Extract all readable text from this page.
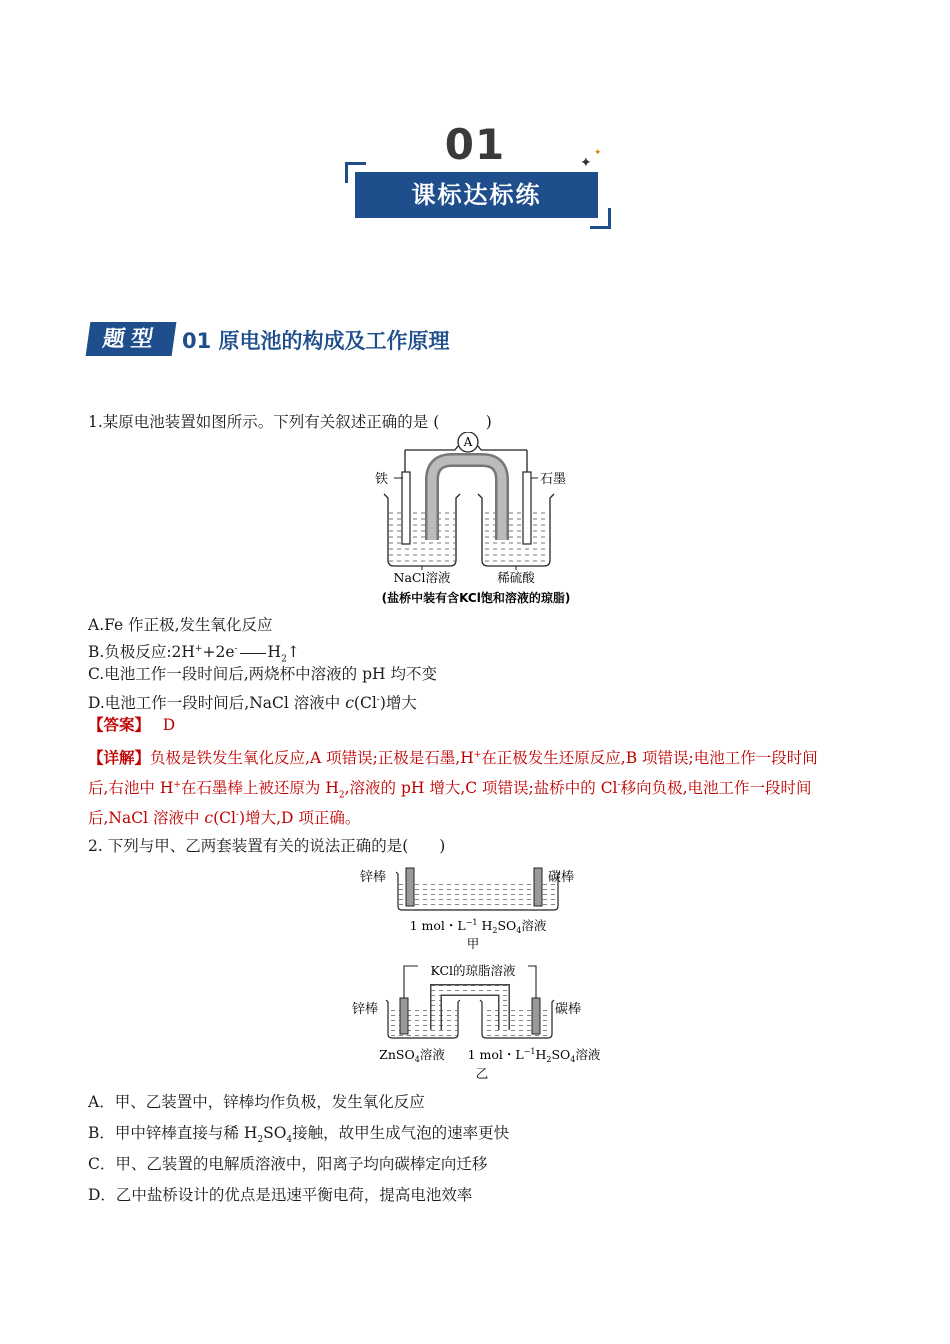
01	✦
✦
课标达标练
题型	01 原电池的构成及工作原理
1.某原电池装置如图所示。下列有关叙述正确的是 (　　　)
A
铁	石墨
NaCl溶液	稀硫酸
(盐桥中装有含KCl饱和溶液的琼脂)
A.Fe 作正极,发生氧化反应
B.负极反应:2H++2e- $H_2↑$
C.电池工作一段时间后,两烧杯中溶液的 pH 均不变
D.电池工作一段时间后,NaCl 溶液中 c(Cl-)增大
【答案】　 D
【详解】负极是铁发生氧化反应,A 项错误;正极是石墨,H+在正极发生还原反应,B 项错误;电池工作一段时间
后,右池中 H+在石墨棒上被还原为 $H_2$,溶液的 pH 增大,C 项错误;盐桥中的 Cl-移向负极,电池工作一段时间
后,NaCl 溶液中 c(Cl-)增大,D 项正确。
2. 下列与甲、乙两套装置有关的说法正确的是(　　)
锌棒	碳棒
1 mol・$L^{-1}$ $H_2SO_4$溶液
甲
KCl的琼脂溶液
锌棒	碳棒
ZnSO$_4$溶液 1 mol・$L^{-1}H_2SO_4$溶液
乙
A．甲、乙装置中，锌棒均作负极，发生氧化反应
B．甲中锌棒直接与稀 $H_2SO_4$接触，故甲生成气泡的速率更快
C．甲、乙装置的电解质溶液中，阳离子均向碳棒定向迁移
D．乙中盐桥设计的优点是迅速平衡电荷，提高电池效率
